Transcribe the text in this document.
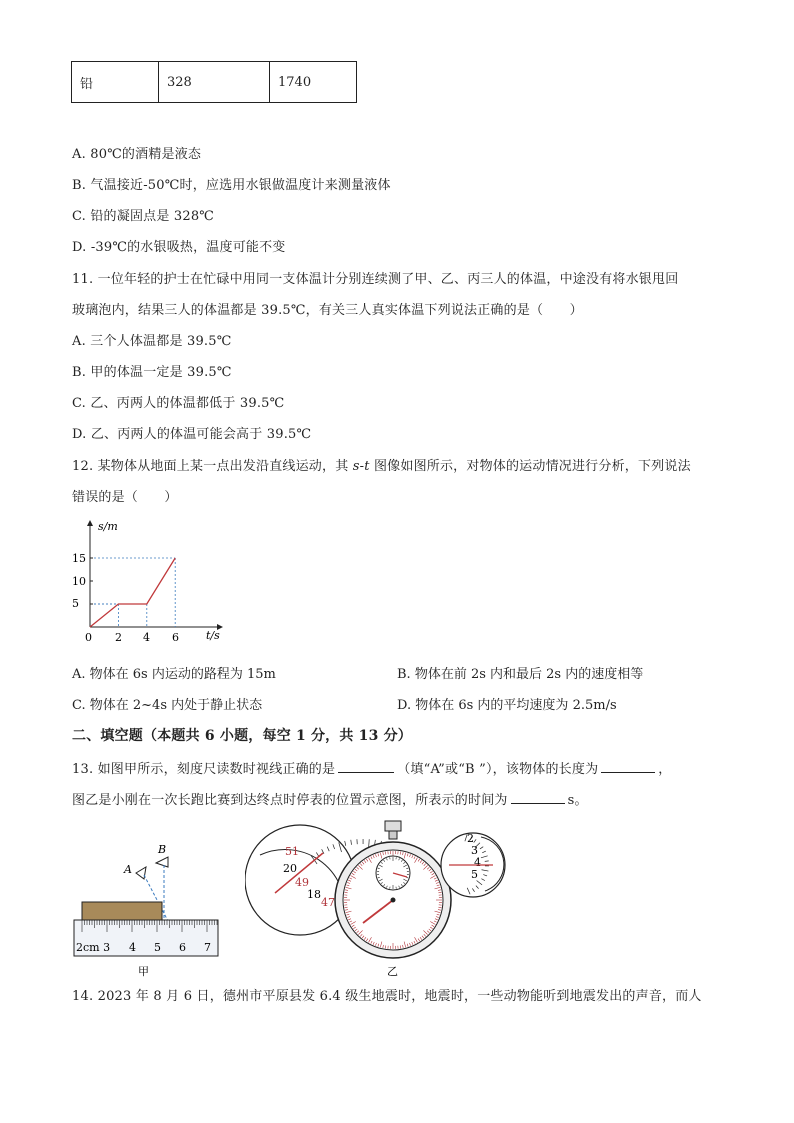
铅	328	1740
A. 80℃的酒精是液态
B. 气温接近-50℃时，应选用水银做温度计来测量液体
C. 铅的凝固点是 328℃
D. -39℃的水银吸热，温度可能不变
11. 一位年轻的护士在忙碌中用同一支体温计分别连续测了甲、乙、丙三人的体温，中途没有将水银甩回
玻璃泡内，结果三人的体温都是 39.5℃，有关三人真实体温下列说法正确的是（　　）
A. 三个人体温都是 39.5℃
B. 甲的体温一定是 39.5℃
C. 乙、丙两人的体温都低于 39.5℃
D. 乙、丙两人的体温可能会高于 39.5℃
12. 某物体从地面上某一点出发沿直线运动，其 s-t 图像如图所示，对物体的运动情况进行分析，下列说法
错误的是（　　）
s/m
t/s
5
10
15
0 2 4 6
A. 物体在 6s 内运动的路程为 15m	B. 物体在前 2s 内和最后 2s 内的速度相等
C. 物体在 2~4s 内处于静止状态	D. 物体在 6s 内的平均速度为 2.5m/s
二、填空题（本题共 6 小题，每空 1 分，共 13 分）
13. 如图甲所示，刻度尺读数时视线正确的是	（填“A”或“B ”），该物体的长度为	，
图乙是小刚在一次长跑比赛到达终点时停表的位置示意图，所表示的时间为	s。
A
B
2cm 3 4 5 6 7
甲
51
20
49
18
47
2
3
4
5
乙
14. 2023 年 8 月 6 日，德州市平原县发 6.4 级生地震时，地震时，一些动物能听到地震发出的声音，而人
